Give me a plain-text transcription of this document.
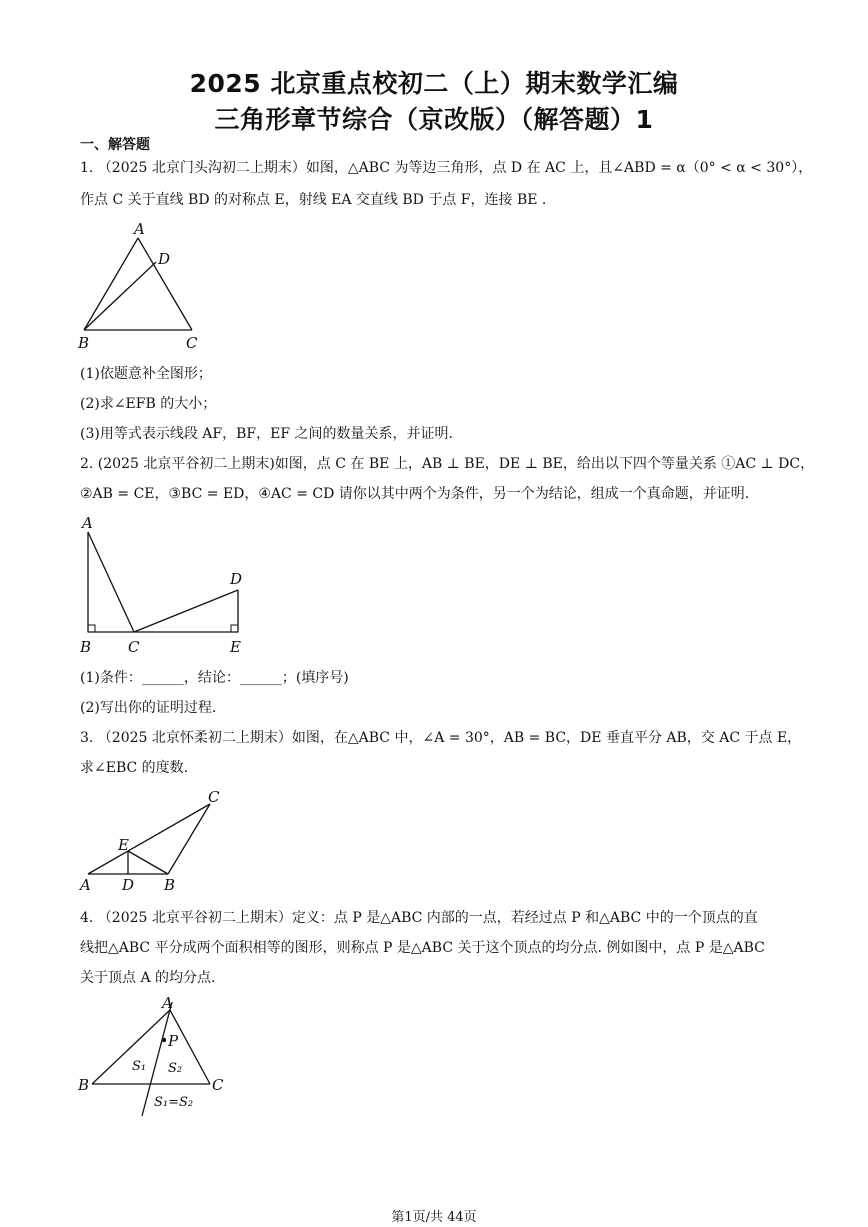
2025 北京重点校初二（上）期末数学汇编
三角形章节综合（京改版）（解答题）1
一、解答题
1. （2025 北京门头沟初二上期末）如图，△ABC 为等边三角形，点 D 在 AC 上，且∠ABD = α（0° < α < 30°），
作点 C 关于直线 BD 的对称点 E，射线 EA 交直线 BD 于点 F，连接 BE .
A
D
B	C
(1)依题意补全图形；
(2)求∠EFB 的大小；
(3)用等式表示线段 AF，BF，EF 之间的数量关系，并证明.
2. (2025 北京平谷初二上期末)如图，点 C 在 BE 上，AB ⊥ BE，DE ⊥ BE，给出以下四个等量关系 ①AC ⊥ DC，
②AB = CE，③BC = ED，④AC = CD 请你以其中两个为条件，另一个为结论，组成一个真命题，并证明.
A
B C
D
E
(1)条件：______，结论：______；(填序号)
(2)写出你的证明过程.
3. （2025 北京怀柔初二上期末）如图，在△ABC 中，∠A = 30°，AB = BC，DE 垂直平分 AB，交 AC 于点 E，
求∠EBC 的度数.
A D B
C
E
4. （2025 北京平谷初二上期末）定义：点 P 是△ABC 内部的一点，若经过点 P 和△ABC 中的一个顶点的直
线把△ABC 平分成两个面积相等的图形，则称点 P 是△ABC 关于这个顶点的均分点. 例如图中，点 P 是△ABC
关于顶点 A 的均分点.
A
P
B	C
S₁ S₂
S₁=S₂
第1页/共 44页
